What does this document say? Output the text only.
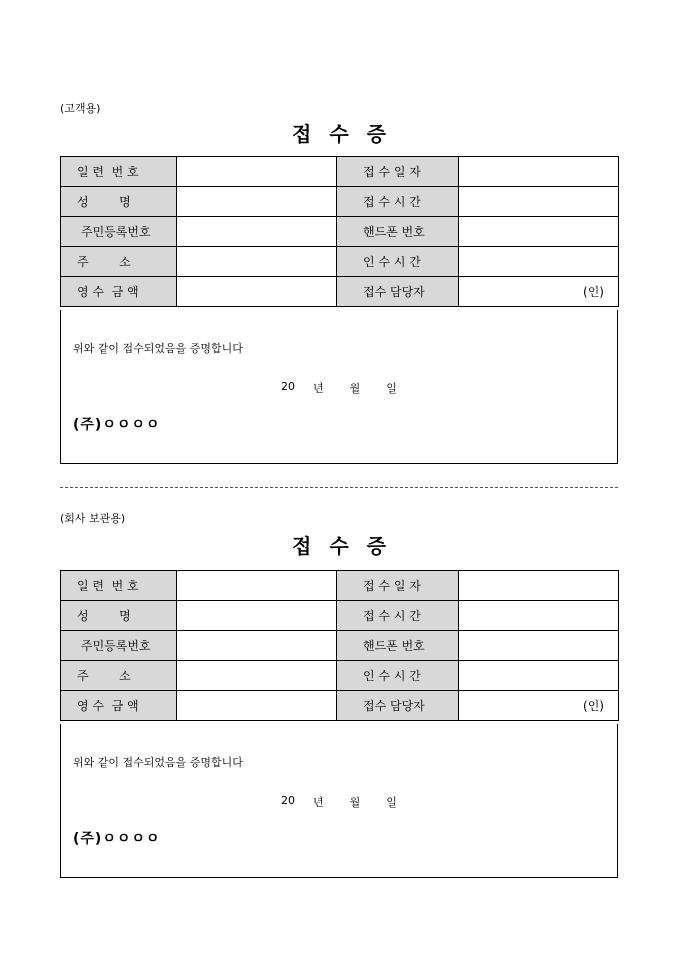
(고객용)
접수증
일 련  번 호		접 수 일 자	
성        명		접 수 시 간	
주민등록번호		핸드폰 번호	
주        소		인 수 시 간	
영 수  금 액		접수 담당자	(인)
위와 같이 접수되었음을 증명합니다
20 년 월 일
(주)ㅇㅇㅇㅇ
(회사 보관용)
접수증
일 련  번 호		접 수 일 자	
성        명		접 수 시 간	
주민등록번호		핸드폰 번호	
주        소		인 수 시 간	
영 수  금 액		접수 담당자	(인)
위와 같이 접수되었음을 증명합니다
20 년 월 일
(주)ㅇㅇㅇㅇ
